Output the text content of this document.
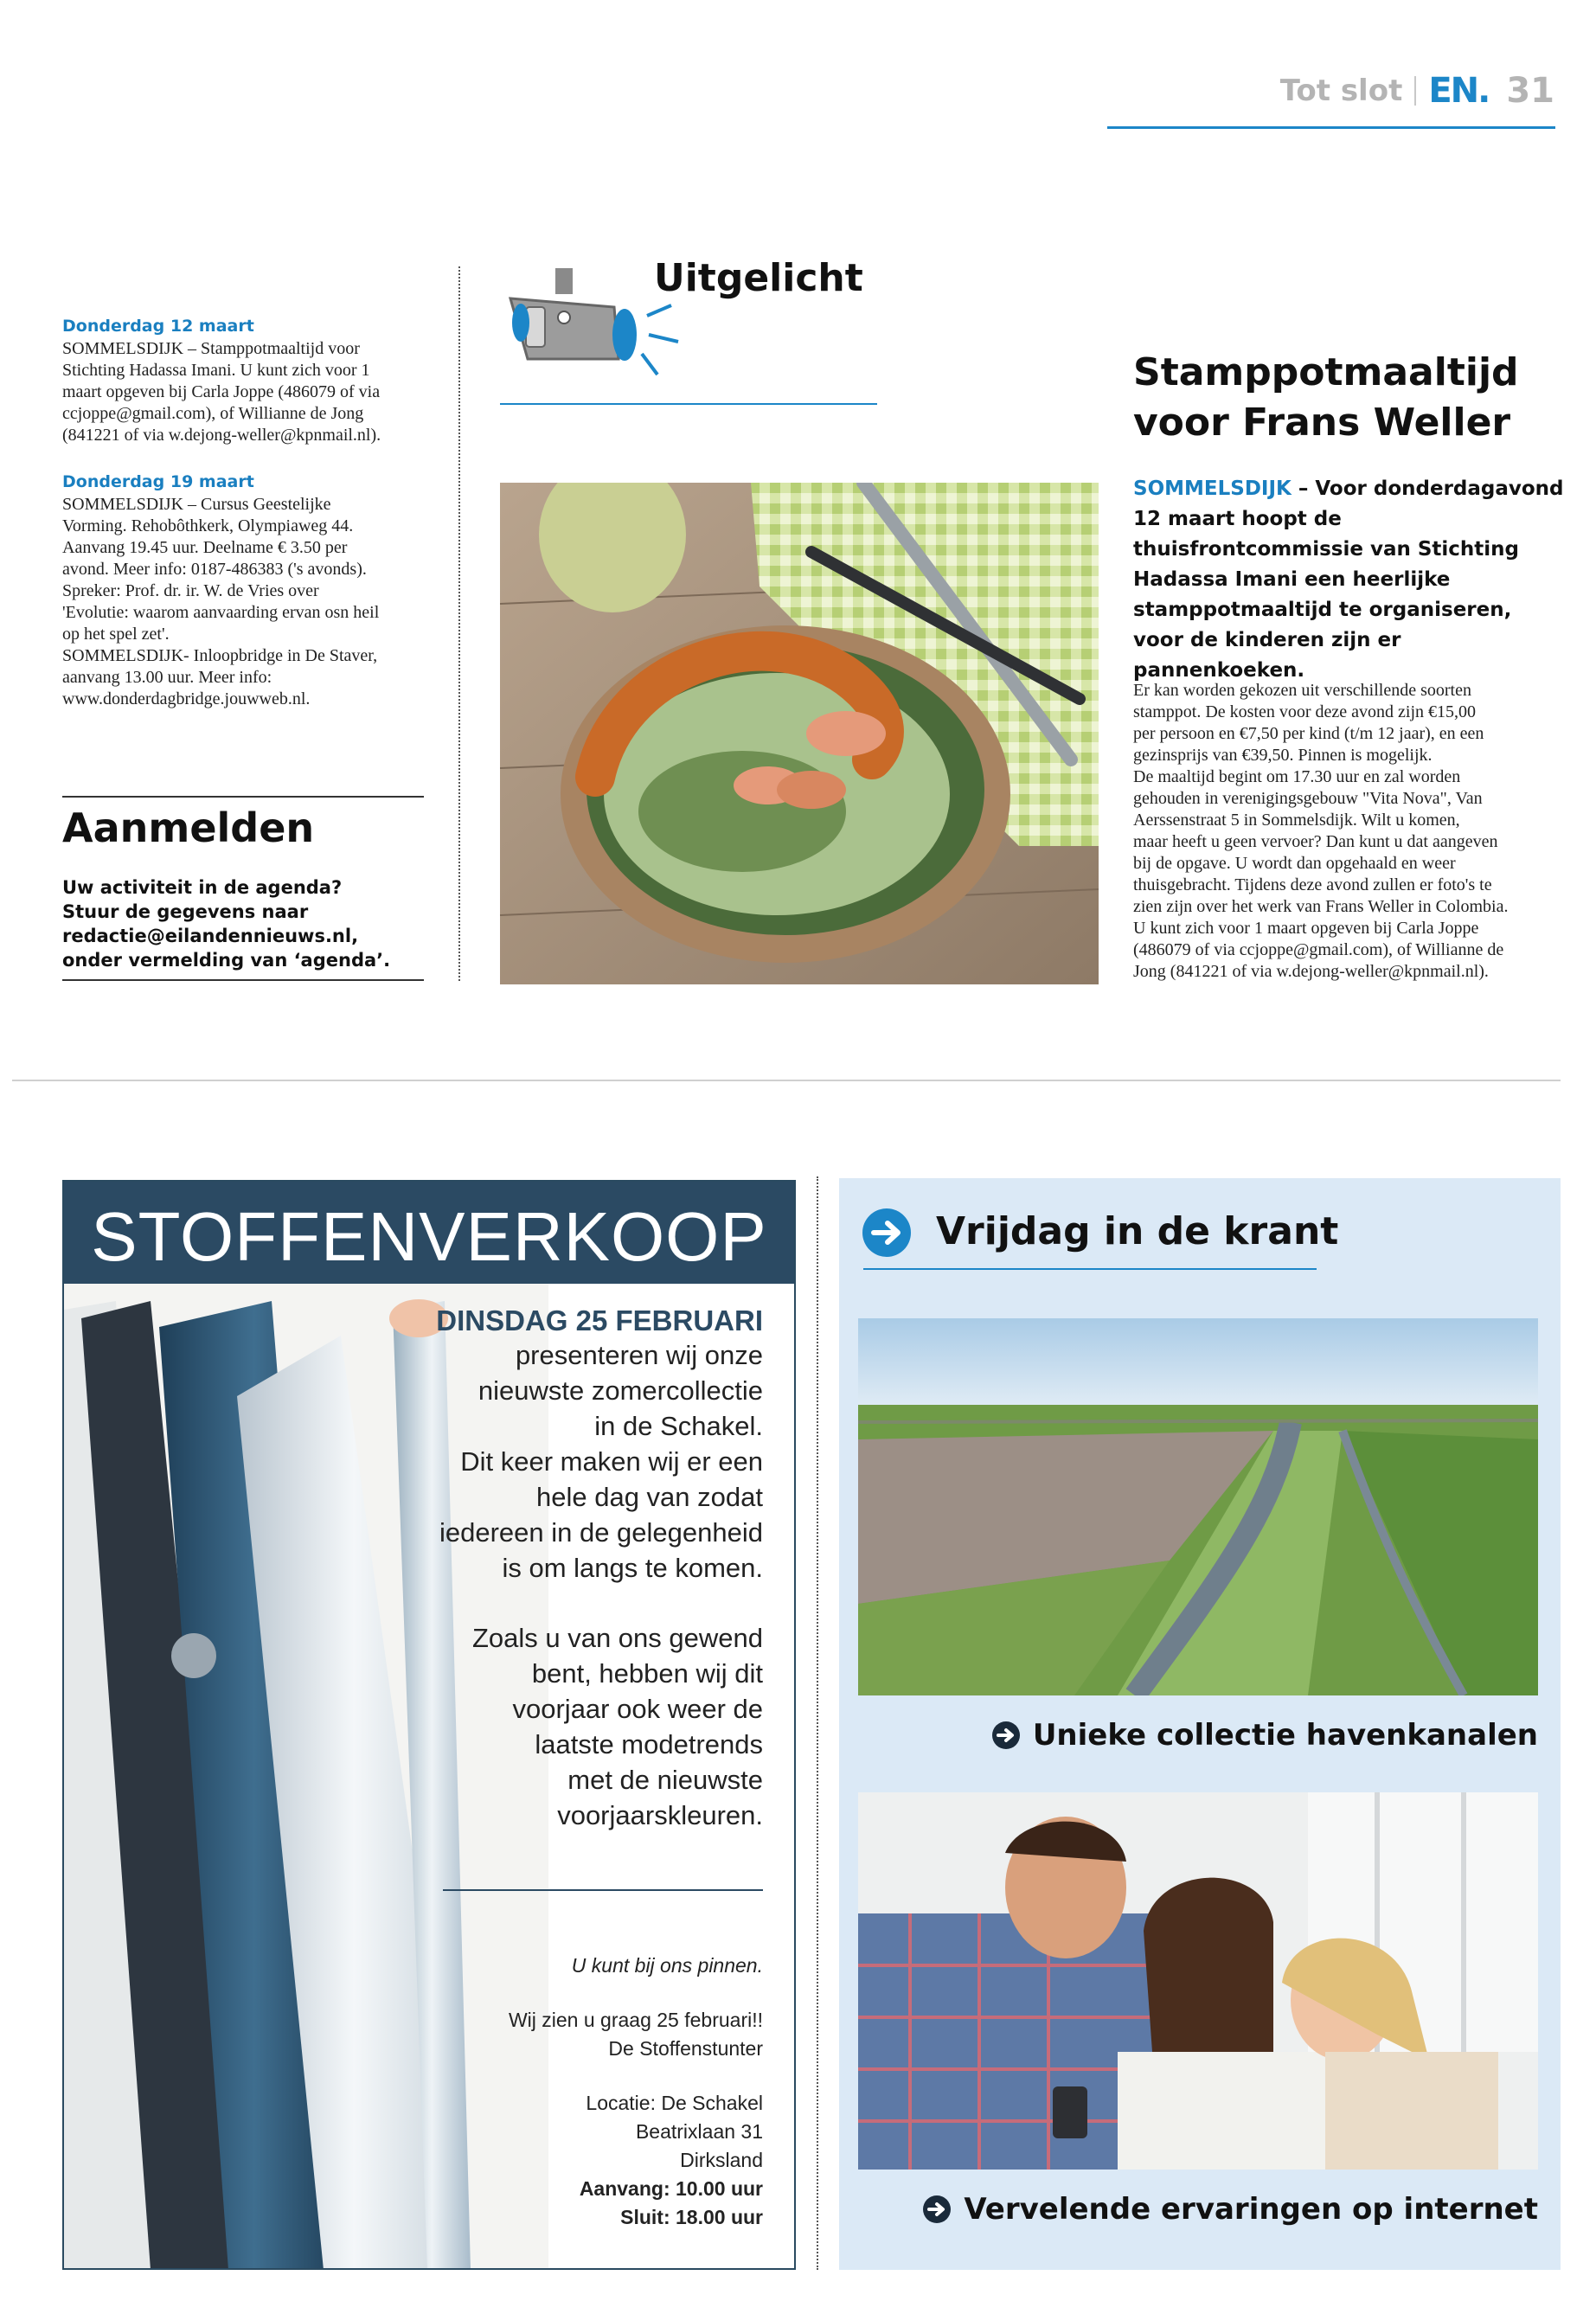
Tot slot EN. 31
Donderdag 12 maart
SOMMELSDIJK – Stamppotmaaltijd voor
Stichting Hadassa Imani. U kunt zich voor 1
maart opgeven bij Carla Joppe (486079 of via
ccjoppe@gmail.com), of Willianne de Jong
(841221 of via w.dejong-weller@kpnmail.nl).
Donderdag 19 maart
SOMMELSDIJK – Cursus Geestelijke
Vorming. Rehobôthkerk, Olympiaweg 44.
Aanvang 19.45 uur. Deelname € 3.50 per
avond. Meer info: 0187-486383 ('s avonds).
Spreker: Prof. dr. ir. W. de Vries over
'Evolutie: waarom aanvaarding ervan osn heil
op het spel zet'.
SOMMELSDIJK- Inloopbridge in De Staver,
aanvang 13.00 uur. Meer info:
www.donderdagbridge.jouwweb.nl.
Aanmelden
Uw activiteit in de agenda?
Stuur de gegevens naar
redactie@eilandennieuws.nl,
onder vermelding van ‘agenda’.
Uitgelicht
Stamppotmaaltijd
voor Frans Weller
SOMMELSDIJK – Voor donderdagavond 12 maart hoopt de thuisfrontcommissie van Stichting Hadassa Imani een heerlijke stamppotmaaltijd te organiseren, voor de kinderen zijn er pannenkoeken.
Er kan worden gekozen uit verschillende soorten
stamppot. De kosten voor deze avond zijn €15,00
per persoon en €7,50 per kind (t/m 12 jaar), en een
gezinsprijs van €39,50. Pinnen is mogelijk.
De maaltijd begint om 17.30 uur en zal worden
gehouden in verenigingsgebouw "Vita Nova", Van
Aerssenstraat 5 in Sommelsdijk. Wilt u komen,
maar heeft u geen vervoer? Dan kunt u dat aangeven
bij de opgave. U wordt dan opgehaald en weer
thuisgebracht. Tijdens deze avond zullen er foto's te
zien zijn over het werk van Frans Weller in Colombia.
U kunt zich voor 1 maart opgeven bij Carla Joppe
(486079 of via ccjoppe@gmail.com), of Willianne de
Jong (841221 of via w.dejong-weller@kpnmail.nl).
STOFFENVERKOOP
DINSDAG 25 FEBRUARI
presenteren wij onze
nieuwste zomercollectie
in de Schakel.
Dit keer maken wij er een
hele dag van zodat
iedereen in de gelegenheid
is om langs te komen.
Zoals u van ons gewend
bent, hebben wij dit
voorjaar ook weer de
laatste modetrends
met de nieuwste
voorjaarskleuren.
U kunt bij ons pinnen.
Wij zien u graag 25 februari!!
De Stoffenstunter
Locatie: De Schakel
Beatrixlaan 31
Dirksland
Aanvang: 10.00 uur
Sluit: 18.00 uur
Vrijdag in de krant
Unieke collectie havenkanalen
Vervelende ervaringen op internet
